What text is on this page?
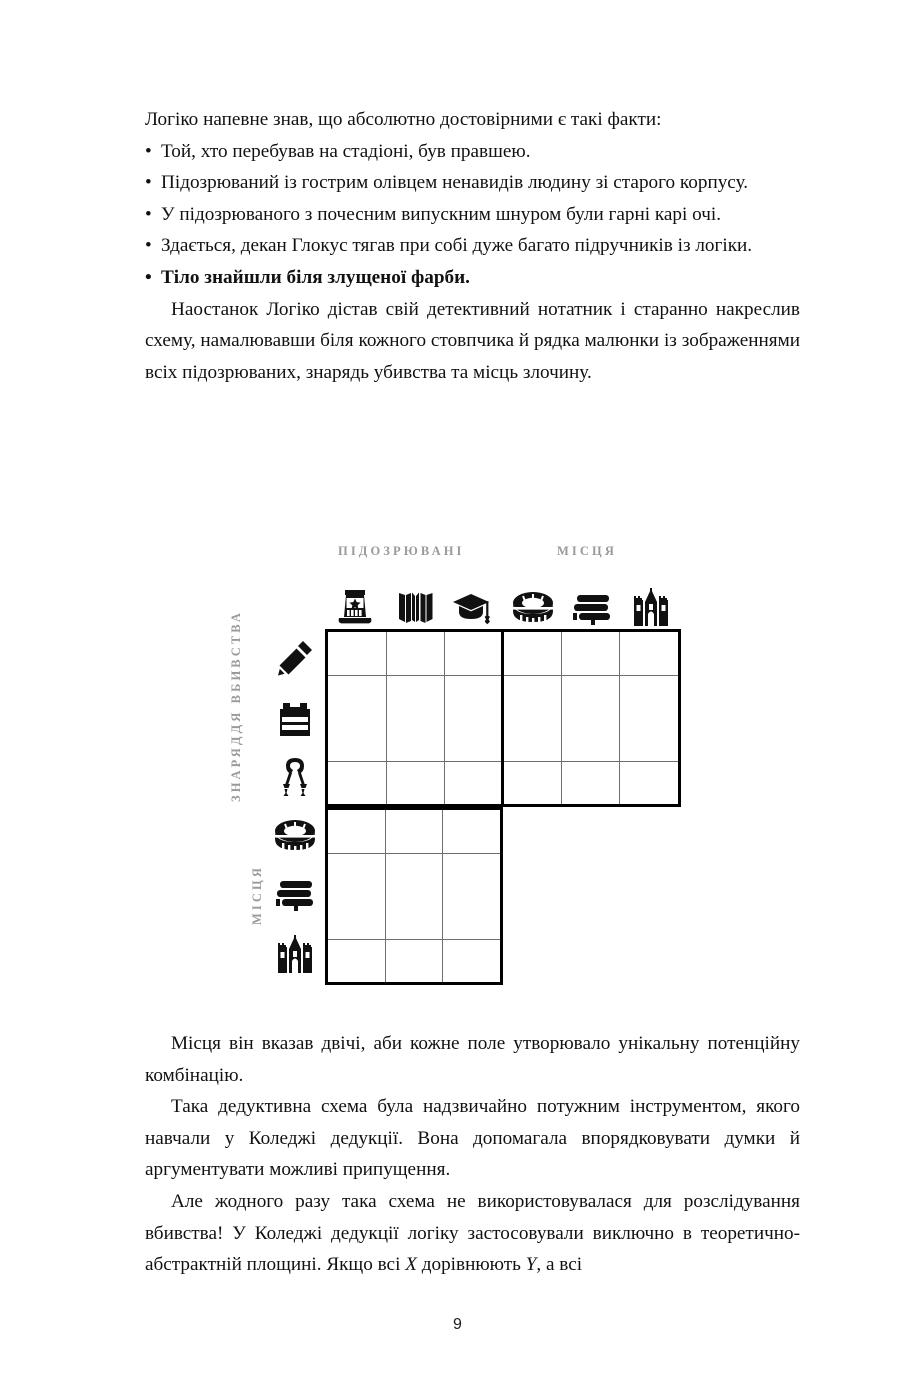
Логіко напевне знав, що абсолютно достовірними є такі факти:

• Той, хто перебував на стадіоні, був правшею.
• Підозрюваний із гострим олівцем ненавидів людину зі старого корпусу.
• У підозрюваного з почесним випускним шнуром були гарні карі очі.
• Здається, декан Глокус тягав при собі дуже багато підручників із логіки.
• Тіло знайшли біля злущеної фарби.

Наостанок Логіко дістав свій детективний нотатник і старанно накреслив схему, намалювавши біля кожного стовпчика й рядка малюнки із зображеннями всіх підозрюваних, знарядь убивства та місць злочину.

ПІДОЗРЮВАНІ	МІСЦЯ
ЗНАРЯДДЯ ВБИВСТВА
МІСЦЯ

Місця він вказав двічі, аби кожне поле утворювало унікальну потенційну комбінацію.

Така дедуктивна схема була надзвичайно потужним інструментом, якого навчали у Коледжі дедукції. Вона допомагала впорядковувати думки й аргументувати можливі припущення.

Але жодного разу така схема не використовувалася для розслідування вбивства! У Коледжі дедукції логіку застосовували виключно в теоретично-абстрактній площині. Якщо всі X дорівнюють Y, а всі

9
